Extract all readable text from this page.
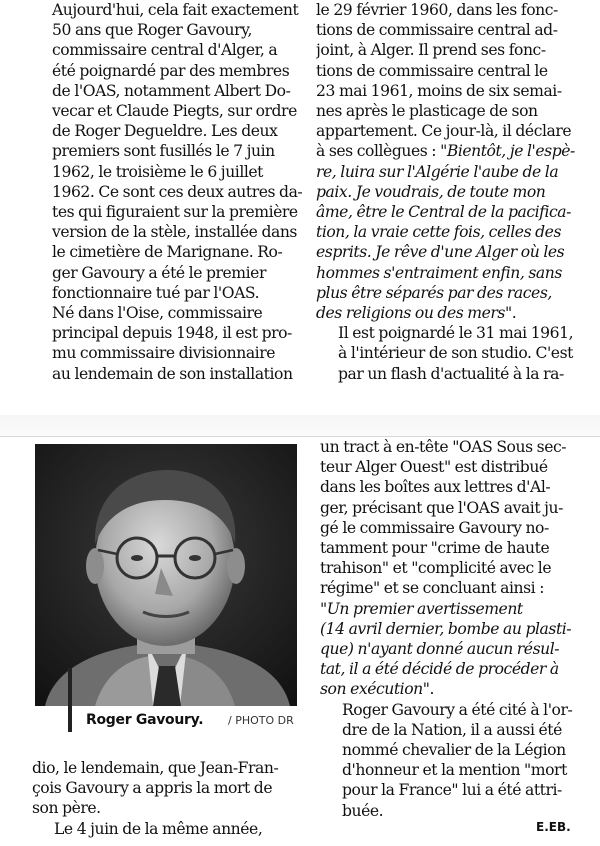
Aujourd'hui, cela fait exactement
50 ans que Roger Gavoury,
commissaire central d'Alger, a
été poignardé par des membres
de l'OAS, notamment Albert Do-
vecar et Claude Piegts, sur ordre
de Roger Degueldre. Les deux
premiers sont fusillés le 7 juin
1962, le troisième le 6 juillet
1962. Ce sont ces deux autres da-
tes qui figuraient sur la première
version de la stèle, installée dans
le cimetière de Marignane. Ro-
ger Gavoury a été le premier
fonctionnaire tué par l'OAS.

Né dans l'Oise, commissaire
principal depuis 1948, il est pro-
mu commissaire divisionnaire
au lendemain de son installation

le 29 février 1960, dans les fonc-
tions de commissaire central ad-
joint, à Alger. Il prend ses fonc-
tions de commissaire central le
23 mai 1961, moins de six semai-
nes après le plasticage de son
appartement. Ce jour-là, il déclare
à ses collègues : "Bientôt, je l'espè-
re, luira sur l'Algérie l'aube de la
paix. Je voudrais, de toute mon
âme, être le Central de la pacifica-
tion, la vraie cette fois, celles des
esprits. Je rêve d'une Alger où les
hommes s'entraiment enfin, sans
plus être séparés par des races,
des religions ou des mers".

Il est poignardé le 31 mai 1961,
à l'intérieur de son studio. C'est
par un flash d'actualité à la ra-

Roger Gavoury. / PHOTO DR

un tract à en-tête "OAS Sous sec-
teur Alger Ouest" est distribué
dans les boîtes aux lettres d'Al-
ger, précisant que l'OAS avait ju-
gé le commissaire Gavoury no-
tamment pour "crime de haute
trahison" et "complicité avec le
régime" et se concluant ainsi :
"Un premier avertissement
(14 avril dernier, bombe au plasti-
que) n'ayant donné aucun résul-
tat, il a été décidé de procéder à
son exécution".

Roger Gavoury a été cité à l'or-
dre de la Nation, il a aussi été
nommé chevalier de la Légion
d'honneur et la mention "mort
pour la France" lui a été attri-
buée.

E.EB.

dio, le lendemain, que Jean-Fran-
çois Gavoury a appris la mort de
son père.

Le 4 juin de la même année,
